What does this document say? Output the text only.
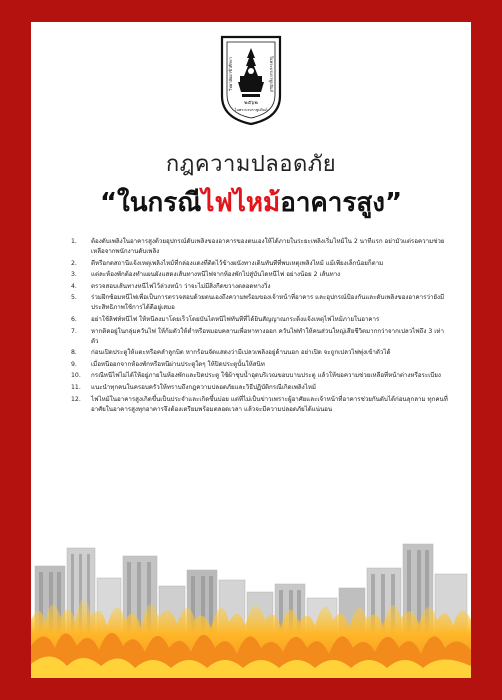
วิทยาลัยอาชีวศึกษา	ในพระบรมราชูปถัมภ์
๒๕๖๒
ไนพระบรมราชูปถัมภ์
กฎความปลอดภัย
“ในกรณีไฟไหม้อาคารสูง”
1.	ต้องดับเพลิงในอาคารสูงด้วยอุปกรณ์ดับเพลิงของอาคารของตนเองให้ได้ภายในระยะเพลิงเริ่มไหม้ใน 2 นาทีแรก อย่ามัวแต่รอความช่วยเหลือจากพนักงานดับเพลิง
2.	ตีหรือกดสถานีแจ้งเหตุเพลิงไหม้ที่กล่องแดงที่ติดไว้ข้างผนังทางเดินทันทีที่พบเหตุเพลิงไหม้ แม้เพียงเล็กน้อยก็ตาม
3.	แต่ละห้องพักต้องทำแผนผังแสดงเส้นทางหนีไฟจากห้องพักไปสู่บันไดหนีไฟ อย่างน้อย 2 เส้นทาง
4.	ตรวจสอบเส้นทางหนีไฟไว้ล่วงหน้า ว่าจะไม่มีสิ่งกีดขวางตลอดทางวิ่ง
5.	ร่วมฝึกซ้อมหนีไฟเพื่อเป็นการตรวจสอบด้วยตนเองถึงความพร้อมของเจ้าหน้าที่อาคาร และอุปกรณ์ป้องกันและดับเพลิงของอาคารว่ายังมีประสิทธิภาพใช้การได้ดีอยู่เสมอ
6.	อย่าใช้ลิฟท์หนีไฟ ให้หนีลงมาโดยเร็วโดยบันไดหนีไฟทันทีที่ได้ยินสัญญาณกระดิ่งแจ้งเหตุไฟไหม้ภายในอาคาร
7.	หากติดอยู่ในกลุ่มควันไฟ ให้ก้มตัวให้ต่ำหรือหมอบคลานเพื่อหาทางออก ควันไฟทำให้คนส่วนใหญ่เสียชีวิตมากกว่าจากเปลวไฟถึง 3 เท่าตัว
8.	ก่อนเปิดประตูให้แตะหรือคลำลูกบิด หากร้อนจัดแสดงว่ามีเปลวเพลิงอยู่ด้านนอก อย่าเปิด จะถูกเปลวไฟพุ่งเข้าตัวได้
9.	เมื่อหนีออกจากห้องพักหรือหนีผ่านประตูใดๆ ให้ปิดประตูนั้นให้สนิท
10.	กรณีหนีไฟไม่ได้ให้อยู่ภายในห้องพักและปิดประตู ใช้ผ้าชุบน้ำอุดบริเวณขอบบานประตู แล้วให้ขอความช่วยเหลือที่หน้าต่างหรือระเบียง
11.	แนะนำทุกคนในครอบครัวให้ทราบถึงกฎความปลอดภัยและวิธีปฏิบัติกรณีเกิดเพลิงไหม้
12.	ไฟไหม้ในอาคารสูงเกิดขึ้นเป็นประจำและเกิดขึ้นบ่อย แต่ที่ไม่เป็นข่าวเพราะผู้อาศัยและเจ้าหน้าที่อาคารช่วยกันดับได้ก่อนลุกลาม ทุกคนที่อาศัยในอาคารสูงทุกอาคารจึงต้องเตรียมพร้อมตลอดเวลา แล้วจะมีความปลอดภัยได้แน่นอน
